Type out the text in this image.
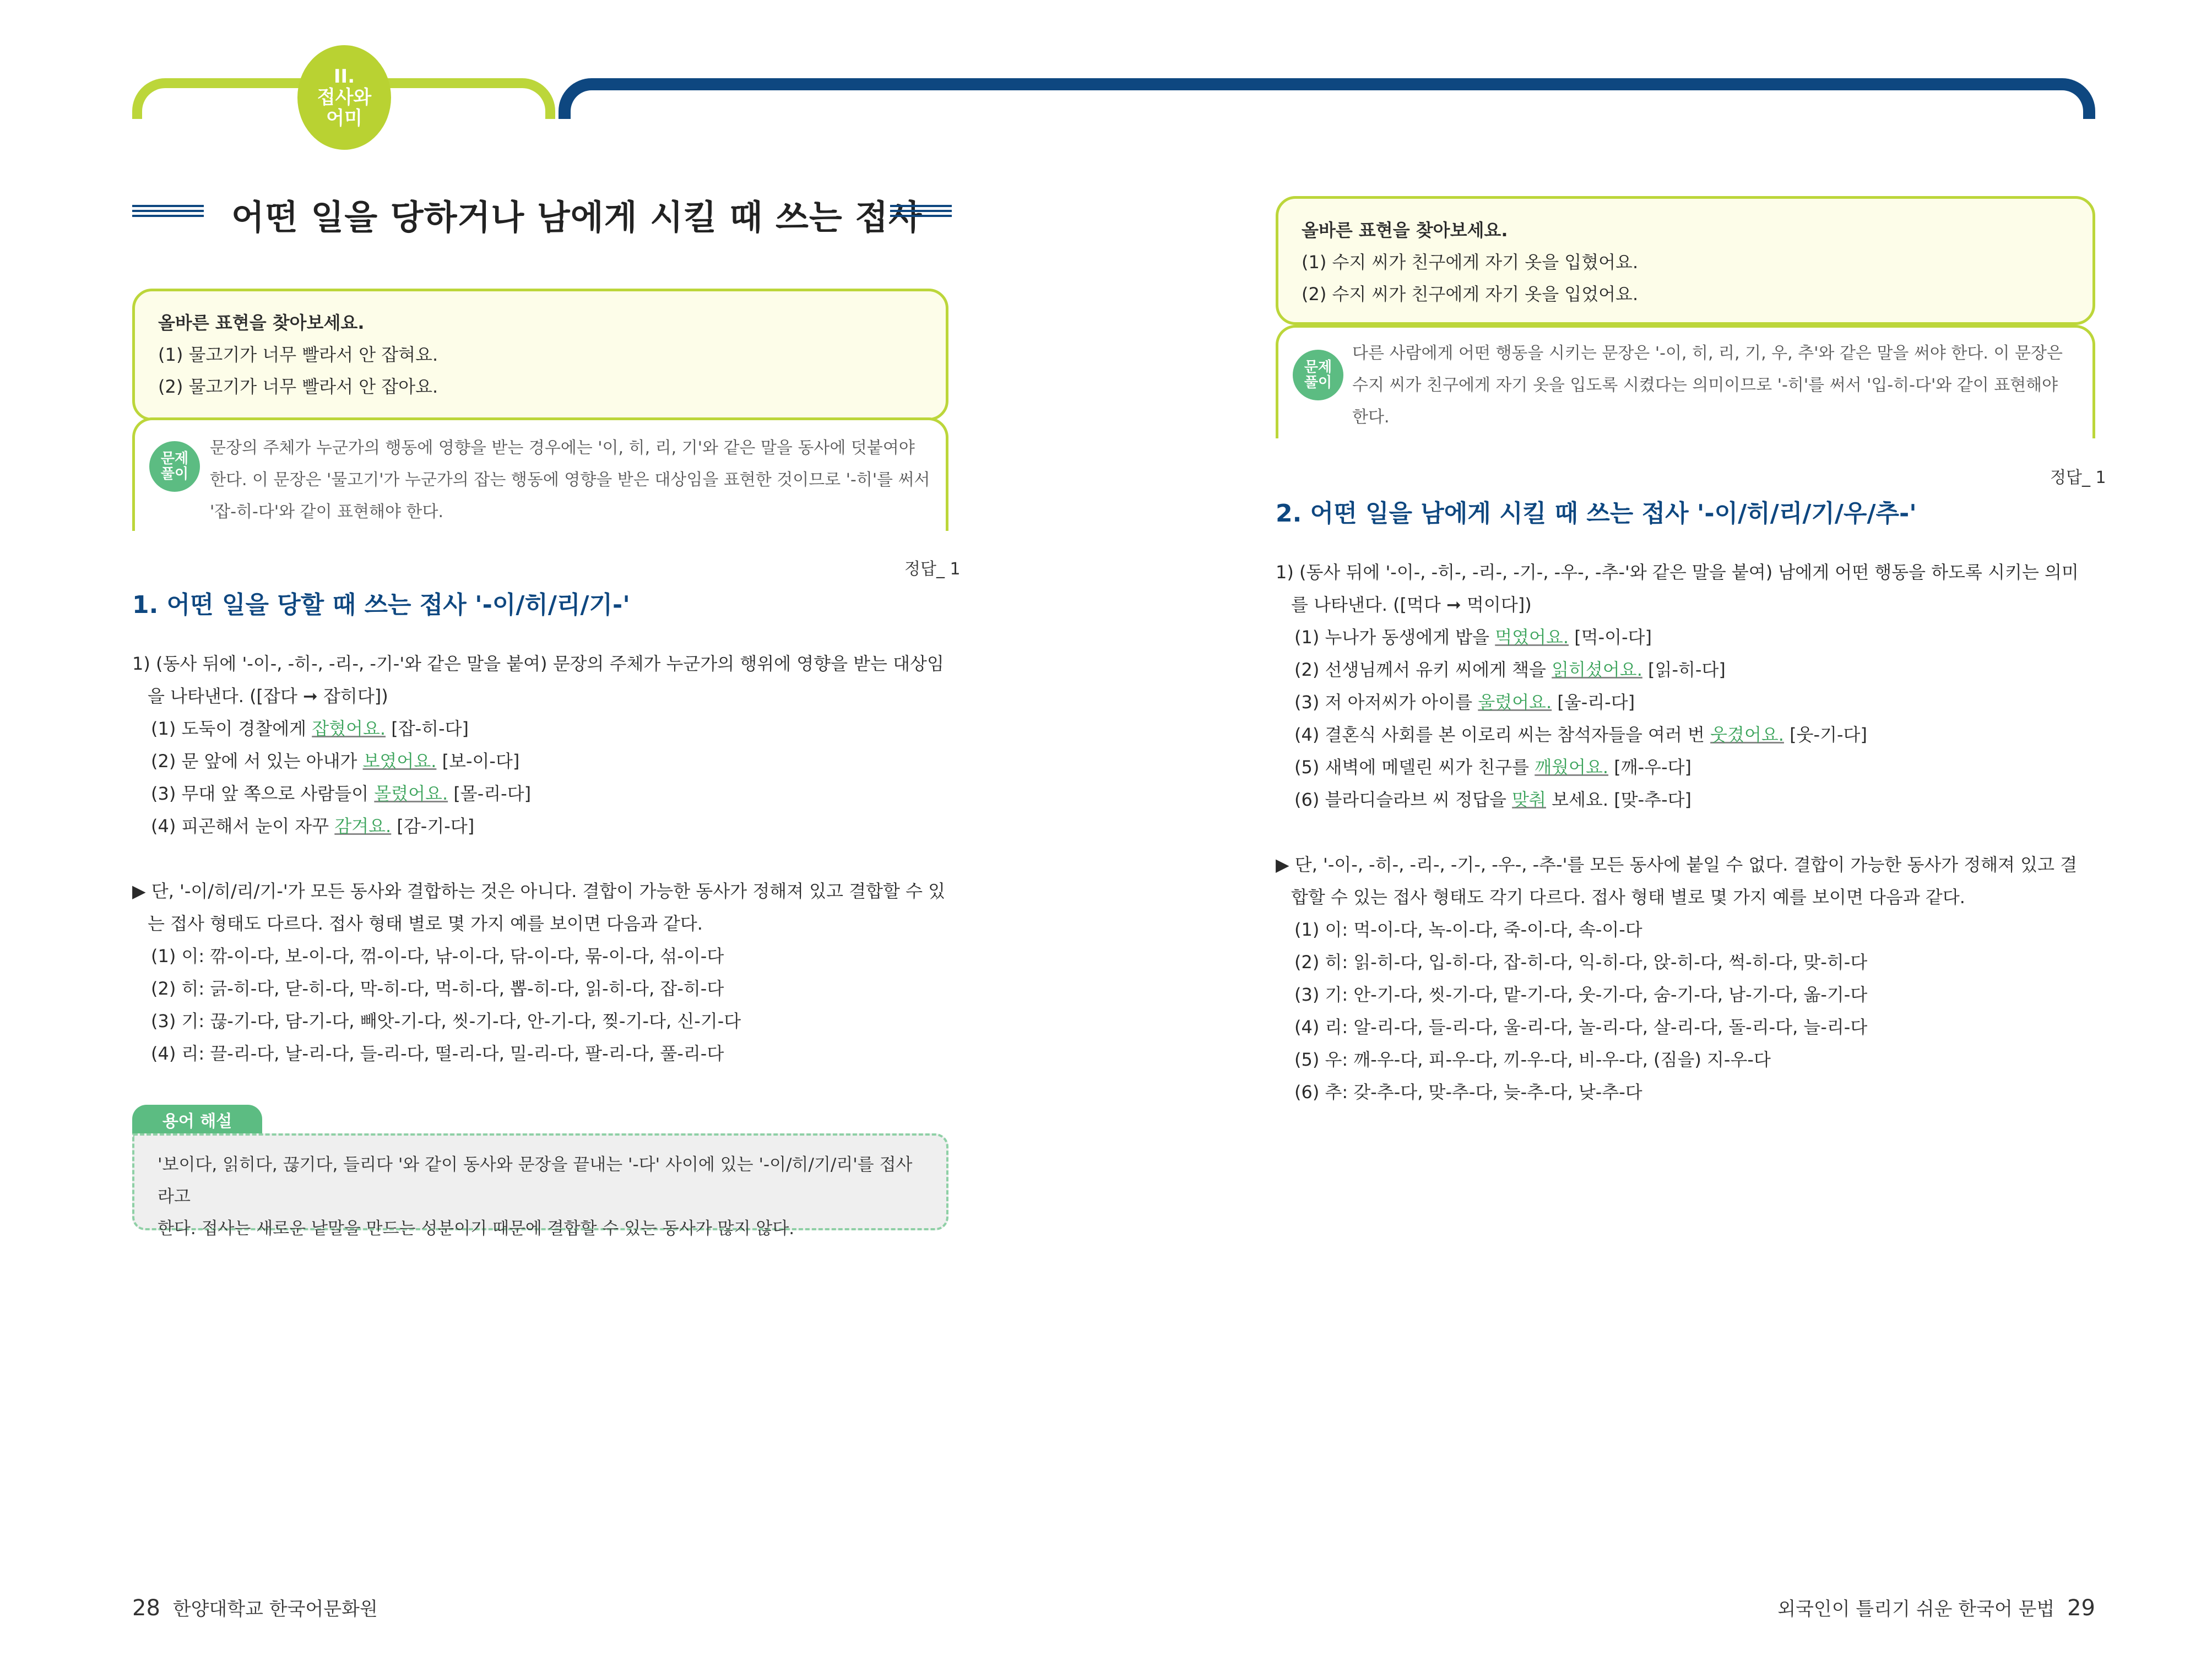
II.
접사와
어미
어떤 일을 당하거나 남에게 시킬 때 쓰는 접사
올바른 표현을 찾아보세요.
(1) 물고기가 너무 빨라서 안 잡혀요.
(2) 물고기가 너무 빨라서 안 잡아요.
문제
풀이
문장의 주체가 누군가의 행동에 영향을 받는 경우에는 '이, 히, 리, 기'와 같은 말을 동사에 덧붙여야
한다. 이 문장은 '물고기'가 누군가의 잡는 행동에 영향을 받은 대상임을 표현한 것이므로 '-히'를 써서
'잡-히-다'와 같이 표현해야 한다.
정답_ 1
1. 어떤 일을 당할 때 쓰는 접사 '-이/히/리/기-'

1) (동사 뒤에 '-이-, -히-, -리-, -기-'와 같은 말을 붙여) 문장의 주체가 누군가의 행위에 영향을 받는 대상임

을 나타낸다. ([잡다 ➞ 잡히다])

(1) 도둑이 경찰에게 잡혔어요. [잡-히-다]

(2) 문 앞에 서 있는 아내가 보였어요. [보-이-다]

(3) 무대 앞 쪽으로 사람들이 몰렸어요. [몰-리-다]

(4) 피곤해서 눈이 자꾸 감겨요. [감-기-다]

▶ 단, '-이/히/리/기-'가 모든 동사와 결합하는 것은 아니다. 결합이 가능한 동사가 정해져 있고 결합할 수 있

는 접사 형태도 다르다. 접사 형태 별로 몇 가지 예를 보이면 다음과 같다.

(1) 이: 깎-이-다, 보-이-다, 꺾-이-다, 낚-이-다, 닦-이-다, 묶-이-다, 섞-이-다

(2) 히: 긁-히-다, 닫-히-다, 막-히-다, 먹-히-다, 뽑-히-다, 읽-히-다, 잡-히-다

(3) 기: 끊-기-다, 담-기-다, 빼앗-기-다, 씻-기-다, 안-기-다, 찢-기-다, 신-기-다

(4) 리: 끌-리-다, 날-리-다, 들-리-다, 떨-리-다, 밀-리-다, 팔-리-다, 풀-리-다

용어 해설
'보이다, 읽히다, 끊기다, 들리다 '와 같이 동사와 문장을 끝내는 '-다' 사이에 있는 '-이/히/기/리'를 접사라고
한다. 접사는 새로운 낱말을 만드는 성분이기 때문에 결합할 수 있는 동사가 많지 않다.
올바른 표현을 찾아보세요.
(1) 수지 씨가 친구에게 자기 옷을 입혔어요.
(2) 수지 씨가 친구에게 자기 옷을 입었어요.
문제
풀이
다른 사람에게 어떤 행동을 시키는 문장은 '-이, 히, 리, 기, 우, 추'와 같은 말을 써야 한다. 이 문장은
수지 씨가 친구에게 자기 옷을 입도록 시켰다는 의미이므로 '-히'를 써서 '입-히-다'와 같이 표현해야
한다.
정답_ 1
2. 어떤 일을 남에게 시킬 때 쓰는 접사 '-이/히/리/기/우/추-'

1) (동사 뒤에 '-이-, -히-, -리-, -기-, -우-, -추-'와 같은 말을 붙여) 남에게 어떤 행동을 하도록 시키는 의미

를 나타낸다. ([먹다 ➞ 먹이다])

(1) 누나가 동생에게 밥을 먹였어요. [먹-이-다]

(2) 선생님께서 유키 씨에게 책을 읽히셨어요. [읽-히-다]

(3) 저 아저씨가 아이를 울렸어요. [울-리-다]

(4) 결혼식 사회를 본 이로리 씨는 참석자들을 여러 번 웃겼어요. [웃-기-다]

(5) 새벽에 메델린 씨가 친구를 깨웠어요. [깨-우-다]

(6) 블라디슬라브 씨 정답을 맞춰 보세요. [맞-추-다]

▶ 단, '-이-, -히-, -리-, -기-, -우-, -추-'를 모든 동사에 붙일 수 없다. 결합이 가능한 동사가 정해져 있고 결

합할 수 있는 접사 형태도 각기 다르다. 접사 형태 별로 몇 가지 예를 보이면 다음과 같다.

(1) 이: 먹-이-다, 녹-이-다, 죽-이-다, 속-이-다

(2) 히: 읽-히-다, 입-히-다, 잡-히-다, 익-히-다, 앉-히-다, 썩-히-다, 맞-히-다

(3) 기: 안-기-다, 씻-기-다, 맡-기-다, 웃-기-다, 숨-기-다, 남-기-다, 옮-기-다

(4) 리: 알-리-다, 들-리-다, 울-리-다, 놀-리-다, 살-리-다, 돌-리-다, 늘-리-다

(5) 우: 깨-우-다, 피-우-다, 끼-우-다, 비-우-다, (짐을) 지-우-다

(6) 추: 갖-추-다, 맞-추-다, 늦-추-다, 낮-추-다

28 한양대학교 한국어문화원	외국인이 틀리기 쉬운 한국어 문법 29
